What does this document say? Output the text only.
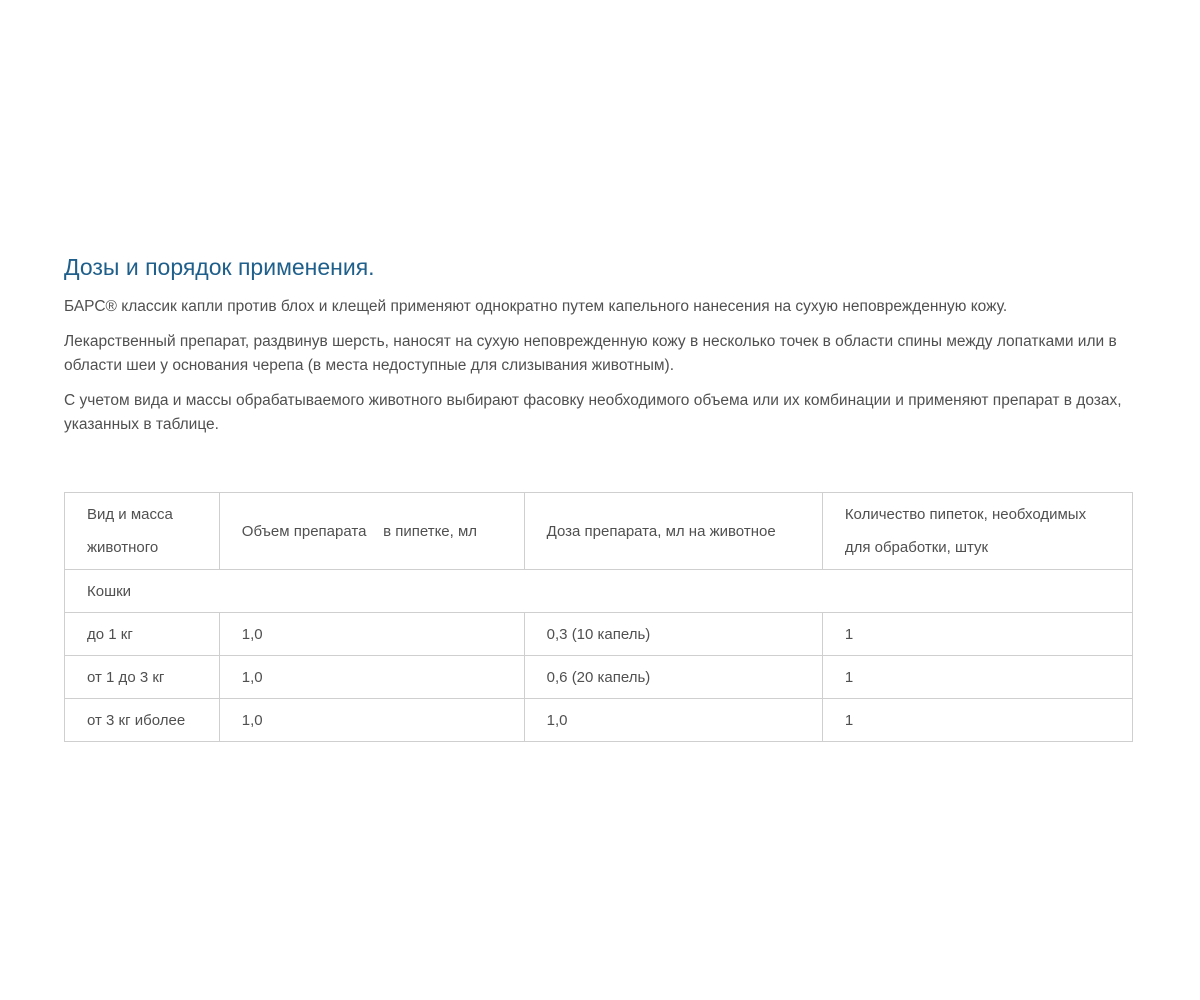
Дозы и порядок применения.

БАРС® классик капли против блох и клещей применяют однократно путем капельного нанесения на сухую неповрежденную кожу.

Лекарственный препарат, раздвинув шерсть, наносят на сухую неповрежденную кожу в несколько точек в области спины между лопатками или в области шеи у основания черепа (в места недоступные для слизывания животным).

С учетом вида и массы обрабатываемого животного выбирают фасовку необходимого объема или их комбинации и применяют препарат в дозах, указанных в таблице.

Вид и масса животного	Объем препарата    в пипетке, мл	Доза препарата, мл на животное	Количество пипеток, необходимых для обработки, штук
Кошки			
до 1 кг	1,0	0,3 (10 капель)	1
от 1 до 3 кг	1,0	0,6 (20 капель)	1
от 3 кг иболее	1,0	1,0	1
